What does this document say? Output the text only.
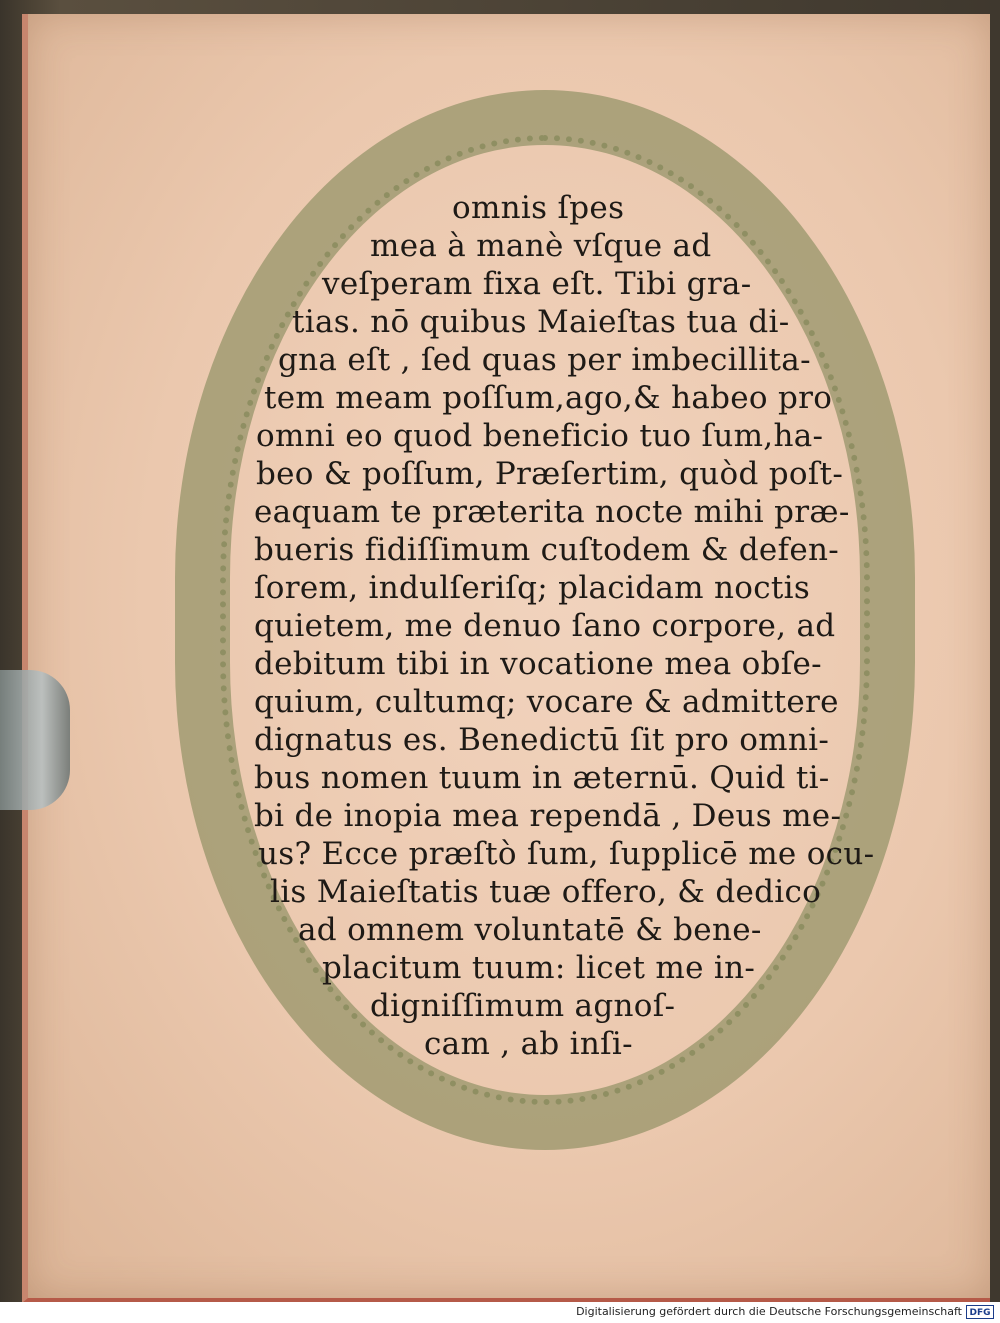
omnis ſpes
mea à manè vſque ad
veſperam fixa eſt. Tibi gra-
tias. nō quibus Maieſtas tua di-
gna eſt , ſed quas per imbecillita-
tem meam poſſum,ago,& habeo pro
omni eo quod beneficio tuo ſum,ha-
beo & poſſum, Præſertim, quòd poſt-
eaquam te præterita nocte mihi præ-
bueris fidiſſimum cuſtodem & defen-
ſorem, indulſeriſq; placidam noctis
quietem, me denuo ſano corpore, ad
debitum tibi in vocatione mea obſe-
quium, cultumq; vocare & admittere
dignatus es. Benedictū ſit pro omni-
bus nomen tuum in æternū. Quid ti-
bi de inopia mea rependā , Deus me-
us? Ecce præſtò ſum, ſupplicē me ocu-
lis Maieſtatis tuæ offero, & dedico
ad omnem voluntatē & bene-
placitum tuum: licet me in-
digniſſimum agnoſ-
cam , ab inſi-
Digitalisierung gefördert durch die Deutsche Forschungsgemeinschaft DFG
